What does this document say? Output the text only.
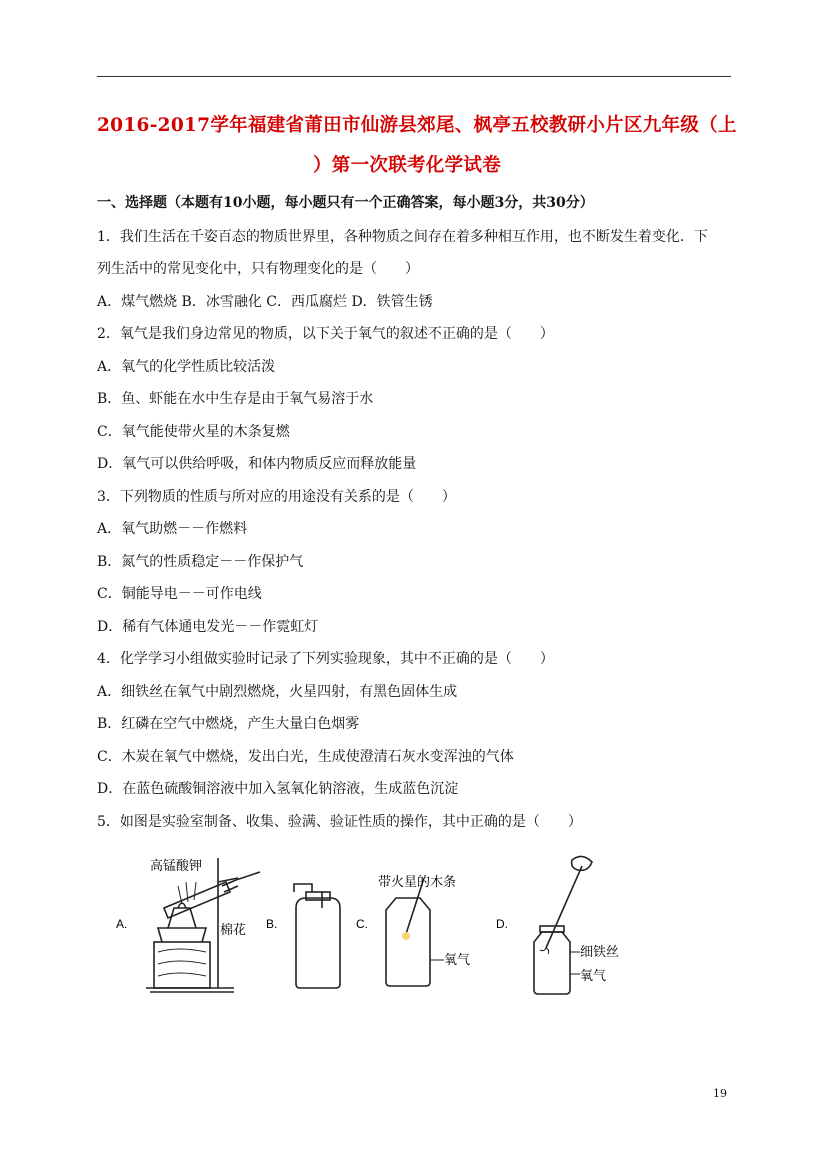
2016-2017学年福建省莆田市仙游县郊尾、枫亭五校教研小片区九年级（上
）第一次联考化学试卷
一、选择题（本题有10小题，每小题只有一个正确答案，每小题3分，共30分）
1．我们生活在千姿百态的物质世界里，各种物质之间存在着多种相互作用，也不断发生着变化．下
列生活中的常见变化中，只有物理变化的是（　　）
A．煤气燃烧 B．冰雪融化 C．西瓜腐烂 D．铁管生锈
2．氧气是我们身边常见的物质，以下关于氧气的叙述不正确的是（　　）
A．氧气的化学性质比较活泼
B．鱼、虾能在水中生存是由于氧气易溶于水
C．氧气能使带火星的木条复燃
D．氧气可以供给呼吸，和体内物质反应而释放能量
3．下列物质的性质与所对应的用途没有关系的是（　　）
A．氧气助燃－－作燃料
B．氮气的性质稳定－－作保护气
C．铜能导电－－可作电线
D．稀有气体通电发光－－作霓虹灯
4．化学学习小组做实验时记录了下列实验现象，其中不正确的是（　　）
A．细铁丝在氧气中剧烈燃烧，火星四射，有黑色固体生成
B．红磷在空气中燃烧，产生大量白色烟雾
C．木炭在氧气中燃烧，发出白光，生成使澄清石灰水变浑浊的气体
D．在蓝色硫酸铜溶液中加入氢氧化钠溶液，生成蓝色沉淀
5．如图是实验室制备、收集、验满、验证性质的操作，其中正确的是（　　）
A.
高锰酸钾
棉花 B.	C.
带火星的木条
氧气
D.
细铁丝
氧气
19
